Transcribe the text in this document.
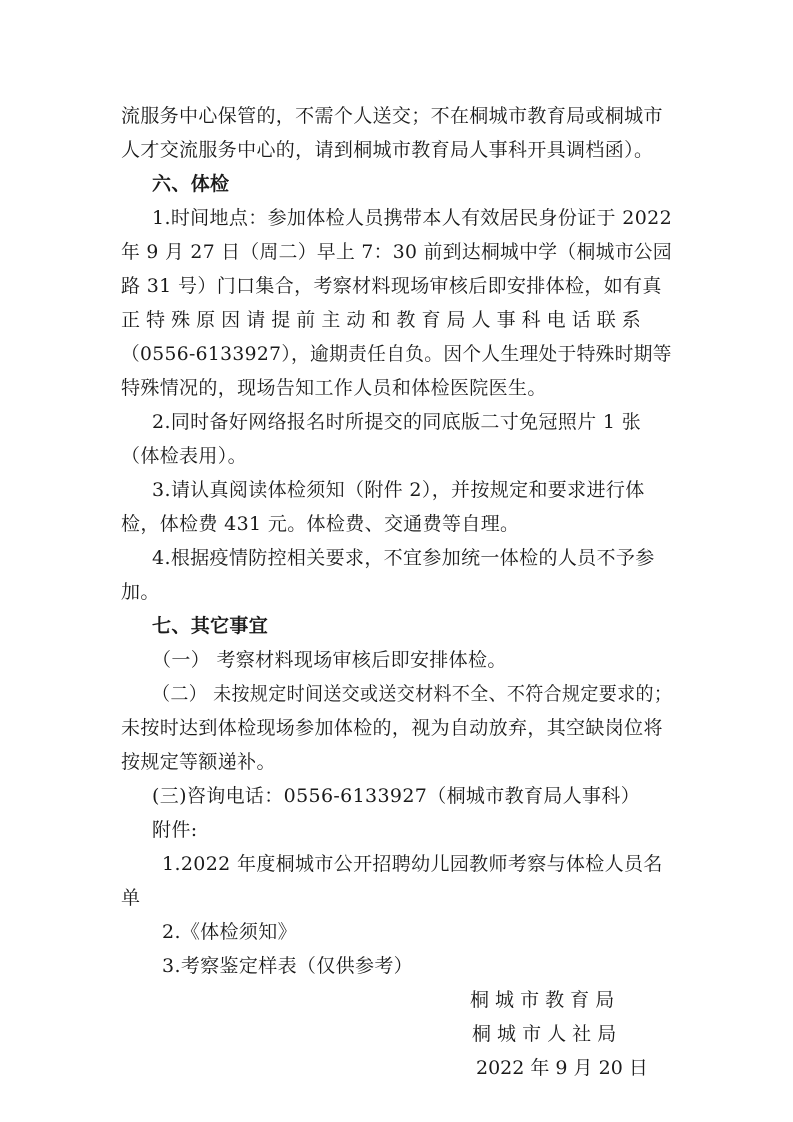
流服务中心保管的，不需个人送交；不在桐城市教育局或桐城市
人才交流服务中心的，请到桐城市教育局人事科开具调档函）。
六、体检
1.时间地点：参加体检人员携带本人有效居民身份证于 2022
年 9 月 27 日（周二）早上 7：30 前到达桐城中学（桐城市公园
路 31 号）门口集合，考察材料现场审核后即安排体检，如有真
正 特 殊 原 因 请 提 前 主 动 和 教 育 局 人 事 科 电 话 联 系
（0556-6133927），逾期责任自负。因个人生理处于特殊时期等
特殊情况的，现场告知工作人员和体检医院医生。
2.同时备好网络报名时所提交的同底版二寸免冠照片 1 张
（体检表用）。
3.请认真阅读体检须知（附件 2），并按规定和要求进行体
检，体检费 431 元。体检费、交通费等自理。
4.根据疫情防控相关要求，不宜参加统一体检的人员不予参
加。
七、其它事宜
（一） 考察材料现场审核后即安排体检。
（二） 未按规定时间送交或送交材料不全、不符合规定要求的；
未按时达到体检现场参加体检的，视为自动放弃，其空缺岗位将
按规定等额递补。
(三)咨询电话：0556-6133927（桐城市教育局人事科）
附件:
1.2022 年度桐城市公开招聘幼儿园教师考察与体检人员名
单
2.《体检须知》
3.考察鉴定样表（仅供参考）
桐 城 市 教 育 局
桐 城 市 人 社 局
2022 年 9 月 20 日
